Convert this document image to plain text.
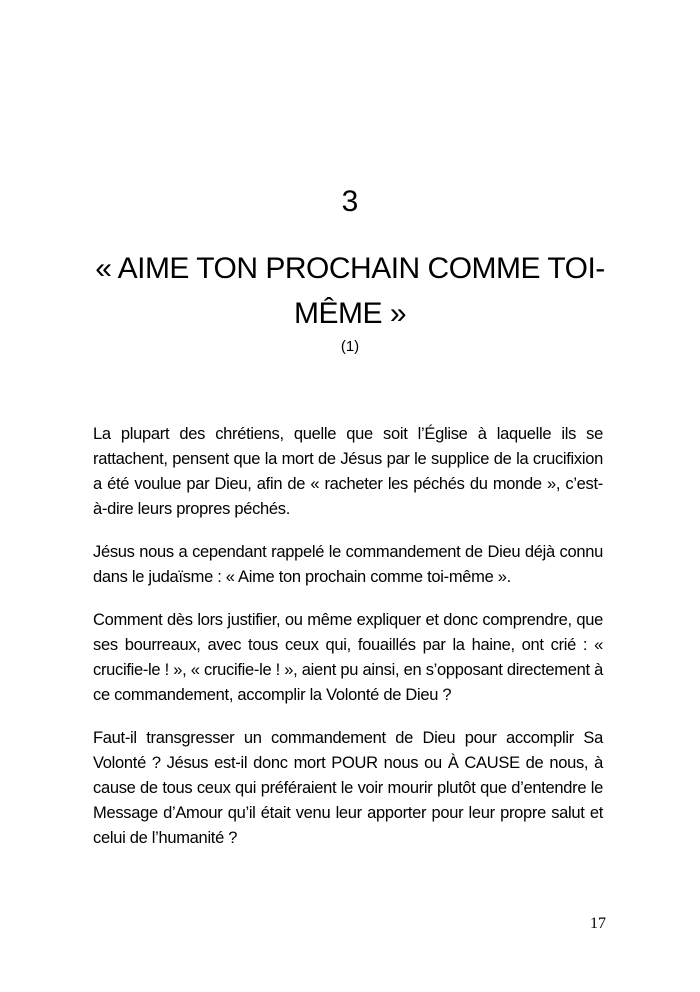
3
« AIME TON PROCHAIN COMME TOI-MÊME »
(1)

La plupart des chrétiens, quelle que soit l’Église à laquelle ils se rattachent, pensent que la mort de Jésus par le supplice de la crucifixion a été voulue par Dieu, afin de « racheter les péchés du monde », c’est-à-dire leurs propres péchés.

Jésus nous a cependant rappelé le commandement de Dieu déjà connu dans le judaïsme : « Aime ton prochain comme toi-même ».

Comment dès lors justifier, ou même expliquer et donc comprendre, que ses bourreaux, avec tous ceux qui, fouaillés par la haine, ont crié : « crucifie-le ! », « crucifie-le ! », aient pu ainsi, en s’opposant directement à ce commandement, accomplir la Volonté de Dieu ?

Faut-il transgresser un commandement de Dieu pour accomplir Sa Volonté ? Jésus est-il donc mort POUR nous ou À CAUSE de nous, à cause de tous ceux qui préféraient le voir mourir plutôt que d’entendre le Message d’Amour qu’il était venu leur apporter pour leur propre salut et celui de l’humanité ?

17
